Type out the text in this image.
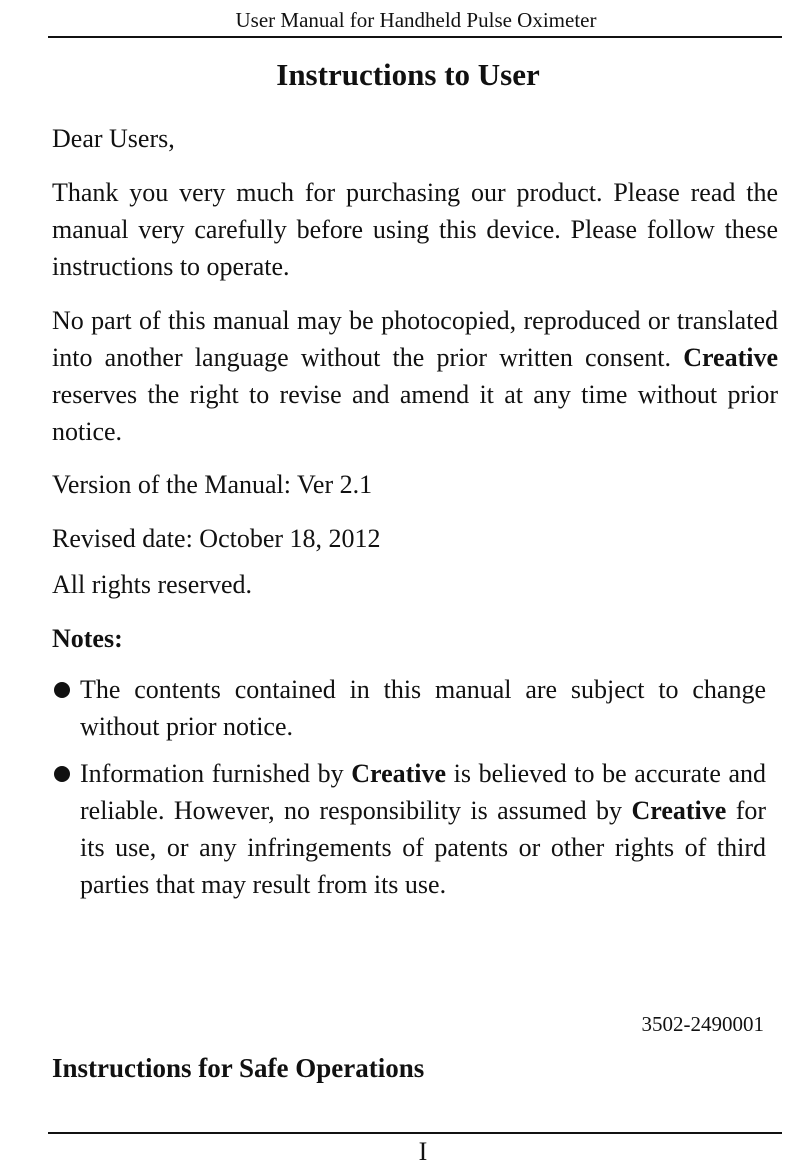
User Manual for Handheld Pulse Oximeter
Instructions to User

Dear Users,

Thank you very much for purchasing our product. Please read the manual very carefully before using this device. Please follow these instructions to operate.

No part of this manual may be photocopied, reproduced or translated into another language without the prior written consent. Creative reserves the right to revise and amend it at any time without prior notice.

Version of the Manual: Ver 2.1

Revised date: October 18, 2012

All rights reserved.

Notes:

The contents contained in this manual are subject to change without prior notice.
Information furnished by Creative is believed to be accurate and reliable. However, no responsibility is assumed by Creative for its use, or any infringements of patents or other rights of third parties that may result from its use.
3502-2490001
Instructions for Safe Operations
I
